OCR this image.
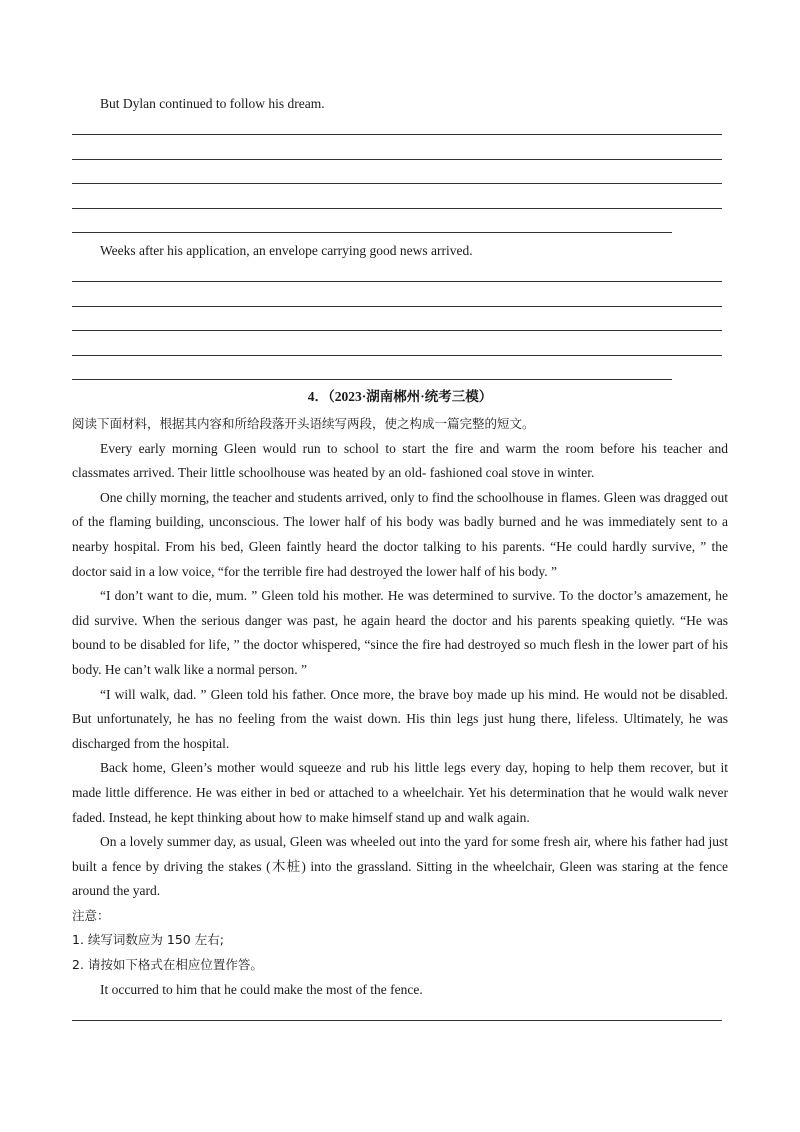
But Dylan continued to follow his dream.
Weeks after his application, an envelope carrying good news arrived.
4．（2023·湖南郴州·统考三模）

阅读下面材料，根据其内容和所给段落开头语续写两段，使之构成一篇完整的短文。

Every early morning Gleen would run to school to start the fire and warm the room before his teacher and classmates arrived. Their little schoolhouse was heated by an old- fashioned coal stove in winter.

One chilly morning, the teacher and students arrived, only to find the schoolhouse in flames. Gleen was dragged out of the flaming building, unconscious. The lower half of his body was badly burned and he was immediately sent to a nearby hospital. From his bed, Gleen faintly heard the doctor talking to his parents. “He could hardly survive, ” the doctor said in a low voice, “for the terrible fire had destroyed the lower half of his body. ”

“I don’t want to die, mum. ” Gleen told his mother. He was determined to survive. To the doctor’s amazement, he did survive. When the serious danger was past, he again heard the doctor and his parents speaking quietly. “He was bound to be disabled for life, ” the doctor whispered, “since the fire had destroyed so much flesh in the lower part of his body. He can’t walk like a normal person. ”

“I will walk, dad. ” Gleen told his father. Once more, the brave boy made up his mind. He would not be disabled. But unfortunately, he has no feeling from the waist down. His thin legs just hung there, lifeless. Ultimately, he was discharged from the hospital.

Back home, Gleen’s mother would squeeze and rub his little legs every day, hoping to help them recover, but it made little difference. He was either in bed or attached to a wheelchair. Yet his determination that he would walk never faded. Instead, he kept thinking about how to make himself stand up and walk again.

On a lovely summer day, as usual, Gleen was wheeled out into the yard for some fresh air, where his father had just built a fence by driving the stakes (木桩) into the grassland. Sitting in the wheelchair, Gleen was staring at the fence around the yard.

注意：

1. 续写词数应为 150 左右;

2. 请按如下格式在相应位置作答。

It occurred to him that he could make the most of the fence.
